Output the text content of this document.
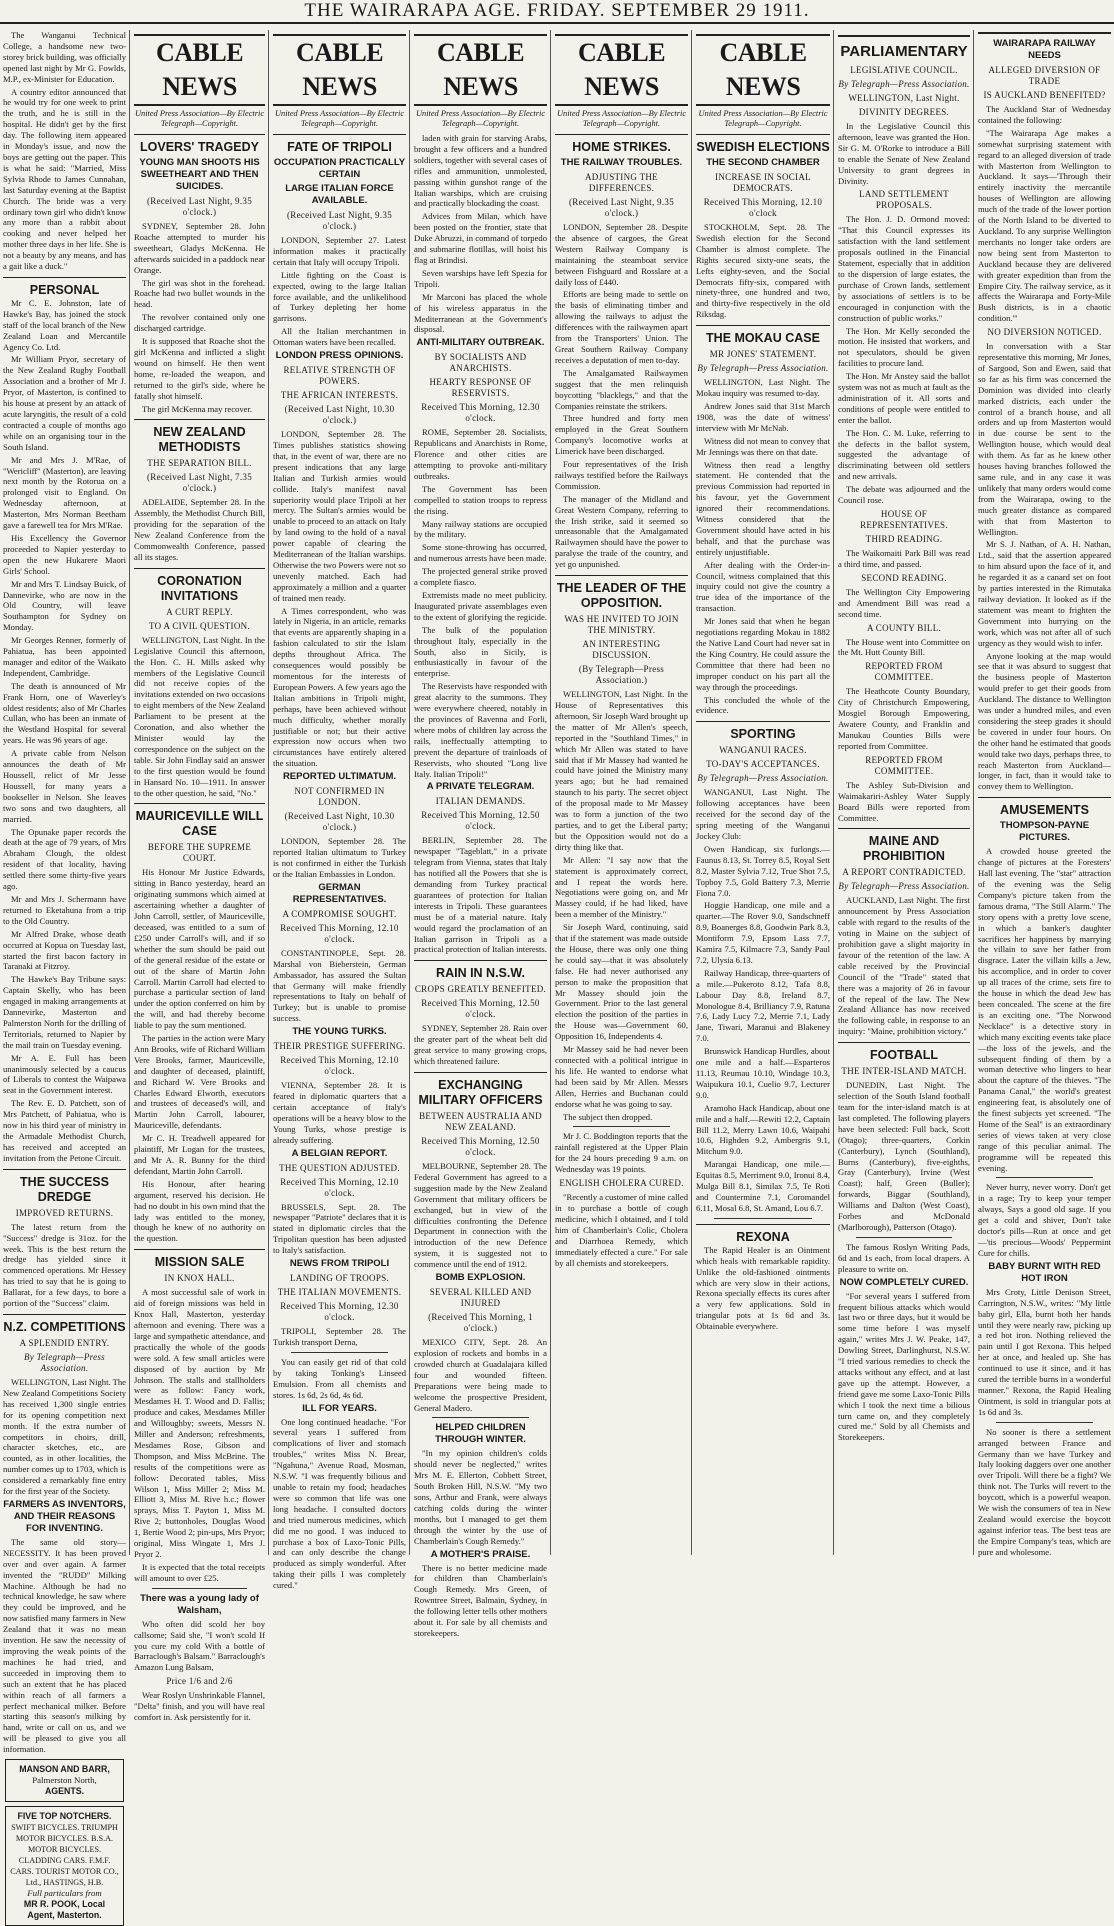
THE WAIRARAPA AGE. FRIDAY. SEPTEMBER 29 1911.

The Wanganui Technical College, a handsome new two-storey brick building, was officially opened last night by Mr G. Fowlds, M.P., ex-Minister for Education.

A country editor announced that he would try for one week to print the truth, and he is still in the hospital. He didn't get by the first day. The following item appeared in Monday's issue, and now the boys are getting out the paper. This is what he said: "Married, Miss Sylvia Rhode to James Cunnahan, last Saturday evening at the Baptist Church. The bride was a very ordinary town girl who didn't know any more than a rabbit about cooking and never helped her mother three days in her life. She is not a beauty by any means, and has a gait like a duck."

PERSONAL

Mr C. E. Johnston, late of Hawke's Bay, has joined the stock staff of the local branch of the New Zealand Loan and Mercantile Agency Co. Ltd.

Mr William Pryor, secretary of the New Zealand Rugby Football Association and a brother of Mr J. Pryor, of Masterton, is confined to his house at present by an attack of acute laryngitis, the result of a cold contracted a couple of months ago while on an organising tour in the South Island.

Mr and Mrs J. M'Rae, of "Wericliff" (Masterton), are leaving next month by the Rotorua on a prolonged visit to England. On Wednesday afternoon, at Masterton, Mrs Norman Beetham gave a farewell tea for Mrs M'Rae.

His Excellency the Governor proceeded to Napier yesterday to open the new Hukarere Maori Girls' School.

Mr and Mrs T. Lindsay Buick, of Dannevirke, who are now in the Old Country, will leave Southampton for Sydney on Monday.

Mr Georges Renner, formerly of Pahiatua, has been appointed manager and editor of the Waikato Independent, Cambridge.

The death is announced of Mr Frank Horn, one of Waverley's oldest residents; also of Mr Charles Cullan, who has been an inmate of the Westland Hospital for several years. He was 96 years of age.

A private cable from Nelson announces the death of Mr Houssell, relict of Mr Jesse Houssell, for many years a bookseller in Nelson. She leaves two sons and two daughters, all married.

The Opunake paper records the death at the age of 79 years, of Mrs Abraham Clough, the oldest resident of that locality, having settled there some thirty-five years ago.

Mr and Mrs J. Schermann have returned to Eketahuna from a trip to the Old Country.

Mr Alfred Drake, whose death occurred at Kopua on Tuesday last, started the first bacon factory in Taranaki at Fitzroy.

The Hawke's Bay Tribune says: Captain Skelly, who has been engaged in making arrangements at Dannevirke, Masterton and Palmerston North for the drilling of Territorials, returned to Napier by the mail train on Tuesday evening.

Mr A. E. Full has been unanimously selected by a caucus of Liberals to contest the Waipawa seat in the Government interest.

The Rev. E. D. Patchett, son of Mrs Patchett, of Pahiatua, who is now in his third year of ministry in the Armadale Methodist Church, has received and accepted an invitation from the Petone Circuit.

THE SUCCESS DREDGE
IMPROVED RETURNS.

The latest return from the "Success" dredge is 31oz. for the week. This is the best return the dredge has yielded since it commenced operations. Mr Hessey has tried to say that he is going to Ballarat, for a few days, to bore a portion of the "Success" claim.

N.Z. COMPETITIONS
A SPLENDID ENTRY.
By Telegraph—Press Association.

WELLINGTON, Last Night. The New Zealand Competitions Society has received 1,300 single entries for its opening competition next month. If the extra number of competitors in choirs, drill, character sketches, etc., are counted, as in other localities, the number comes up to 1703, which is considered a remarkably fine entry for the first year of the Society.

FARMERS AS INVENTORS, AND THEIR REASONS FOR INVENTING.

The same old story—NECESSITY. It has been proved over and over again. A farmer invented the "RUDD" Milking Machine. Although he had no technical knowledge, he saw where they could be improved, and he now satisfied many farmers in New Zealand that it was no mean invention. He saw the necessity of improving the weak points of the machines he had tried, and succeeded in improving them to such an extent that he has placed within reach of all farmers a perfect mechanical milker. Before starting this season's milking by hand, write or call on us, and we will be pleased to give you all information.

MANSON AND BARR,
Palmerston North,
AGENTS.
FIVE TOP NOTCHERS.
SWIFT BICYCLES. TRIUMPH MOTOR BICYCLES. B.S.A. MOTOR BICYCLES. CLADDING CARS. F.M.F. CARS. TOURIST MOTOR CO., Ltd., HASTINGS, H.B.
Full particulars from
MR R. POOK, Local Agent, Masterton.
CABLE NEWS
United Press Association—By Electric Telegraph—Copyright.
LOVERS' TRAGEDY
YOUNG MAN SHOOTS HIS SWEETHEART AND THEN SUICIDES.
(Received Last Night, 9.35 o'clock.)

SYDNEY, September 28. John Roache attempted to murder his sweetheart, Gladys McKenna. He afterwards suicided in a paddock near Orange.

The girl was shot in the forehead. Roache had two bullet wounds in the head.

The revolver contained only one discharged cartridge.

It is supposed that Roache shot the girl McKenna and inflicted a slight wound on himself. He then went home, re-loaded the weapon, and returned to the girl's side, where he fatally shot himself.

The girl McKenna may recover.

NEW ZEALAND METHODISTS
THE SEPARATION BILL.
(Received Last Night, 7.35 o'clock.)

ADELAIDE, September 28. In the Assembly, the Methodist Church Bill, providing for the separation of the New Zealand Conference from the Commonwealth Conference, passed all its stages.

CORONATION INVITATIONS
A CURT REPLY.
TO A CIVIL QUESTION.

WELLINGTON, Last Night. In the Legislative Council this afternoon, the Hon. C. H. Mills asked why members of the Legislative Council did not receive copies of the invitations extended on two occasions to eight members of the New Zealand Parliament to be present at the Coronation, and also whether the Minister would lay the correspondence on the subject on the table. Sir John Findlay said an answer to the first question would be found in Hansard No. 10—1911. In answer to the other question, he said, "No."

MAURICEVILLE WILL CASE
BEFORE THE SUPREME COURT.

His Honour Mr Justice Edwards, sitting in Banco yesterday, heard an originating summons which aimed at ascertaining whether a daughter of John Carroll, settler, of Mauriceville, deceased, was entitled to a sum of £250 under Carroll's will, and if so whether the sum should be paid out of the general residue of the estate or out of the share of Martin John Carroll. Martin Carroll had elected to purchase a particular section of land under the option conferred on him by the will, and had thereby become liable to pay the sum mentioned.

The parties in the action were Mary Ann Brooks, wife of Richard William Vere Brooks, farmer, Mauriceville, and daughter of deceased, plaintiff, and Richard W. Vere Brooks and Charles Edward Elworth, executors and trustees of deceased's will, and Martin John Carroll, labourer, Mauriceville, defendants.

Mr C. H. Treadwell appeared for plaintiff, Mr Logan for the trustees, and Mr A. R. Bunny for the third defendant, Martin John Carroll.

His Honour, after hearing argument, reserved his decision. He had no doubt in his own mind that the lady was entitled to the money, though he knew of no authority on the question.

MISSION SALE
IN KNOX HALL.

A most successful sale of work in aid of foreign missions was held in Knox Hall, Masterton, yesterday afternoon and evening. There was a large and sympathetic attendance, and practically the whole of the goods were sold. A few small articles were disposed of by auction by Mr Johnson. The stalls and stallholders were as follow: Fancy work, Mesdames H. T. Wood and D. Fallis; produce and cakes, Mesdames Miller and Willoughby; sweets, Messrs N. Miller and Anderson; refreshments, Mesdames Rose, Gibson and Thompson, and Miss McBrine. The results of the competitions were as follow: Decorated tables, Miss Wilson 1, Miss Miller 2; Miss M. Elliott 3, Miss M. Rive h.c.; flower sprays, Miss T. Payton 1, Miss M. Rive 2; buttonholes, Douglas Wood 1, Bertie Wood 2; pin-ups, Mrs Pryor; original, Miss Wingate 1, Mrs J. Pryor 2.

It is expected that the total receipts will amount to over £25.

There was a young lady of Walsham,

Who often did scold her boy callsome; Said she, "I won't scold If you cure my cold With a bottle of Barraclough's Balsam." Barraclough's Amazon Lung Balsam,

Price 1/6 and 2/6

Wear Roslyn Unshrinkable Flannel, "Delta" finish, and you will have real comfort in. Ask persistently for it.

CABLE NEWS
United Press Association—By Electric Telegraph—Copyright.
FATE OF TRIPOLI
OCCUPATION PRACTICALLY CERTAIN
LARGE ITALIAN FORCE AVAILABLE.
(Received Last Night, 9.35 o'clock.)

LONDON, September 27. Latest information makes it practically certain that Italy will occupy Tripoli.

Little fighting on the Coast is expected, owing to the large Italian force available, and the unlikelihood of Turkey depleting her home garrisons.

All the Italian merchantmen in Ottoman waters have been recalled.

LONDON PRESS OPINIONS.
RELATIVE STRENGTH OF POWERS.
THE AFRICAN INTERESTS.
(Received Last Night, 10.30 o'clock.)

LONDON, September 28. The Times publishes statistics showing that, in the event of war, there are no present indications that any large Italian and Turkish armies would collide. Italy's manifest naval superiority would place Tripoli at her mercy. The Sultan's armies would be unable to proceed to an attack on Italy by land owing to the hold of a naval power capable of clearing the Mediterranean of the Italian warships. Otherwise the two Powers were not so unevenly matched. Each had approximately a million and a quarter of trained men ready.

A Times correspondent, who was lately in Nigeria, in an article, remarks that events are apparently shaping in a fashion calculated to stir the Islam depths throughout Africa. The consequences would possibly be momentous for the interests of European Powers. A few years ago the Italian ambitions in Tripoli might, perhaps, have been achieved without much difficulty, whether morally justifiable or not; but their active expression now occurs when two circumstances have entirely altered the situation.

REPORTED ULTIMATUM.
NOT CONFIRMED IN LONDON.
(Received Last Night, 10.30 o'clock.)

LONDON, September 28. The reported Italian ultimatum to Turkey is not confirmed in either the Turkish or the Italian Embassies in London.

GERMAN REPRESENTATIVES.
A COMPROMISE SOUGHT.
Received This Morning, 12.10 o'clock.

CONSTANTINOPLE, Sept. 28. Marshal von Bieberstein, German Ambassador, has assured the Sultan that Germany will make friendly representations to Italy on behalf of Turkey; but is unable to promise success.

THE YOUNG TURKS.
THEIR PRESTIGE SUFFERING.
Received This Morning, 12.10 o'clock.

VIENNA, September 28. It is feared in diplomatic quarters that a certain acceptance of Italy's operations will be a heavy blow to the Young Turks, whose prestige is already suffering.

A BELGIAN REPORT.
THE QUESTION ADJUSTED.
Received This Morning, 12.10 o'clock.

BRUSSELS, Sept. 28. The newspaper "Patriote" declares that it is stated in diplomatic circles that the Tripolitan question has been adjusted to Italy's satisfaction.

NEWS FROM TRIPOLI
LANDING OF TROOPS.
THE ITALIAN MOVEMENTS.
Received This Morning, 12.30 o'clock.

TRIPOLI, September 28. The Turkish transport Derna,

You can easily get rid of that cold by taking Tonking's Linseed Emulsion. From all chemists and stores. 1s 6d, 2s 6d, 4s 6d.

ILL FOR YEARS.

One long continued headache. "For several years I suffered from complications of liver and stomach troubles," writes Miss N. Brear, "Ngahuna," Avenue Road, Mosman, N.S.W. "I was frequently bilious and unable to retain my food; headaches were so common that life was one long headache. I consulted doctors and tried numerous medicines, which did me no good. I was induced to purchase a box of Laxo-Tonic Pills, and can only describe the change produced as simply wonderful. After taking their pills I was completely cured."

CABLE NEWS
United Press Association—By Electric Telegraph—Copyright.

laden with grain for starving Arabs, brought a few officers and a hundred soldiers, together with several cases of rifles and ammunition, unmolested, passing within gunshot range of the Italian warships, which are cruising and practically blockading the coast.

Advices from Milan, which have been posted on the frontier, state that Duke Abruzzi, in command of torpedo and submarine flotillas, will hoist his flag at Brindisi.

Seven warships have left Spezia for Tripoli.

Mr Marconi has placed the whole of his wireless apparatus in the Mediterranean at the Government's disposal.

ANTI-MILITARY OUTBREAK.
BY SOCIALISTS AND ANARCHISTS.
HEARTY RESPONSE OF RESERVISTS.
Received This Morning, 12.30 o'clock.

ROME, September 28. Socialists, Republicans and Anarchists in Rome, Florence and other cities are attempting to provoke anti-military outbreaks.

The Government has been compelled to station troops to repress the rising.

Many railway stations are occupied by the military.

Some stone-throwing has occurred, and numerous arrests have been made.

The projected general strike proved a complete fiasco.

Extremists made no meet publicity. Inaugurated private assemblages even to the extent of glorifying the regicide.

The bulk of the population throughout Italy, especially in the South, also in Sicily, is enthusiastically in favour of the enterprise.

The Reservists have responded with great alacrity to the summons. They were everywhere cheered, notably in the provinces of Ravenna and Forli, where mobs of children lay across the rails, ineffectually attempting to prevent the departure of trainloads of Reservists, who shouted "Long live Italy. Italian Tripoli!"

A PRIVATE TELEGRAM.
ITALIAN DEMANDS.
Received This Morning, 12.50 o'clock.

BERLIN, September 28. The newspaper "Tageblatt," in a private telegram from Vienna, states that Italy has notified all the Powers that she is demanding from Turkey practical guarantees of protection for Italian interests in Tripoli. These guarantees must be of a material nature. Italy would regard the proclamation of an Italian garrison in Tripoli as a practical protection of Italian interests.

RAIN IN N.S.W.
CROPS GREATLY BENEFITED.
Received This Morning, 12.50 o'clock.

SYDNEY, September 28. Rain over the greater part of the wheat belt did great service to many growing crops, which threatened failure.

EXCHANGING MILITARY OFFICERS
BETWEEN AUSTRALIA AND NEW ZEALAND.
Received This Morning, 12.50 o'clock.

MELBOURNE, September 28. The Federal Government has agreed to a suggestion made by the New Zealand Government that military officers be exchanged, but in view of the difficulties confronting the Defence Department in connection with the introduction of the new Defence system, it is suggested not to commence until the end of 1912.

BOMB EXPLOSION.
SEVERAL KILLED AND INJURED
(Received This Morning, 1 o'clock.)

MEXICO CITY, Sept. 28. An explosion of rockets and bombs in a crowded church at Guadalajara killed four and wounded fifteen. Preparations were being made to welcome the prospective President, General Madero.

HELPED CHILDREN THROUGH WINTER.

"In my opinion children's colds should never be neglected," writes Mrs M. E. Ellerton, Cobbett Street, South Broken Hill, N.S.W. "My two sons, Arthur and Frank, were always catching colds during the winter months, but I managed to get them through the winter by the use of Chamberlain's Cough Remedy."

A MOTHER'S PRAISE.

There is no better medicine made for children than Chamberlain's Cough Remedy. Mrs Green, of Rowntree Street, Balmain, Sydney, in the following letter tells other mothers about it. For sale by all chemists and storekeepers.

CABLE NEWS
United Press Association—By Electric Telegraph—Copyright.
HOME STRIKES.
THE RAILWAY TROUBLES.
ADJUSTING THE DIFFERENCES.
(Received Last Night, 9.35 o'clock.)

LONDON, September 28. Despite the absence of cargoes, the Great Western Railway Company is maintaining the steamboat service between Fishguard and Rosslare at a daily loss of £440.

Efforts are being made to settle on the basis of eliminating timber and allowing the railways to adjust the differences with the railwaymen apart from the Transporters' Union. The Great Southern Railway Company receives a deputation of men to-day.

The Amalgamated Railwaymen suggest that the men relinquish boycotting "blacklegs," and that the Companies reinstate the strikers.

Three hundred and forty men employed in the Great Southern Company's locomotive works at Limerick have been discharged.

Four representatives of the Irish railways testified before the Railways Commission.

The manager of the Midland and Great Western Company, referring to the Irish strike, said it seemed so unreasonable that the Amalgamated Railwaymen should have the power to paralyse the trade of the country, and yet go unpunished.

THE LEADER OF THE OPPOSITION.
WAS HE INVITED TO JOIN THE MINISTRY.
AN INTERESTING DISCUSSION.
(By Telegraph—Press Association.)

WELLINGTON, Last Night. In the House of Representatives this afternoon, Sir Joseph Ward brought up the matter of Mr Allen's speech, reported in the "Southland Times," in which Mr Allen was stated to have said that if Mr Massey had wanted he could have joined the Ministry many years ago; but he had remained staunch to his party. The secret object of the proposal made to Mr Massey was to form a junction of the two parties, and to get the Liberal party; but the Opposition would not do a dirty thing like that.

Mr Allen: "I say now that the statement is approximately correct, and I repeat the words here. Negotiations were going on, and Mr Massey could, if he had liked, have been a member of the Ministry."

Sir Joseph Ward, continuing, said that if the statement was made outside the House, there was only one thing he could say—that it was absolutely false. He had never authorised any person to make the proposition that Mr Massey should join the Government. Prior to the last general election the position of the parties in the House was—Government 60, Opposition 16, Independents 4.

Mr Massey said he had never been connected with a political intrigue in his life. He wanted to endorse what had been said by Mr Allen. Messrs Allen, Herries and Buchanan could endorse what he was going to say.

The subject then dropped.

Mr J. C. Boddington reports that the rainfall registered at the Upper Plain for the 24 hours preceding 9 a.m. on Wednesday was 19 points.

ENGLISH CHOLERA CURED.

"Recently a customer of mine called in to purchase a bottle of cough medicine, which I obtained, and I told him of Chamberlain's Colic, Cholera and Diarrhoea Remedy, which immediately effected a cure." For sale by all chemists and storekeepers.

CABLE NEWS
United Press Association—By Electric Telegraph—Copyright.
SWEDISH ELECTIONS
THE SECOND CHAMBER
INCREASE IN SOCIAL DEMOCRATS.
Received This Morning, 12.10 o'clock

STOCKHOLM, Sept. 28. The Swedish election for the Second Chamber is almost complete. The Rights secured sixty-one seats, the Lefts eighty-seven, and the Social Democrats fifty-six, compared with ninety-three, one hundred and two, and thirty-five respectively in the old Riksdag.

THE MOKAU CASE
MR JONES' STATEMENT.
By Telegraph—Press Association.

WELLINGTON, Last Night. The Mokau inquiry was resumed to-day.

Andrew Jones said that 31st March 1908, was the date of witness' interview with Mr McNab.

Witness did not mean to convey that Mr Jennings was there on that date.

Witness then read a lengthy statement. He contended that the previous Commission had reported in his favour, yet the Government ignored their recommendations. Witness considered that the Government should have acted in his behalf, and that the purchase was entirely unjustifiable.

After dealing with the Order-in-Council, witness complained that this inquiry could not give the country a true idea of the importance of the transaction.

Mr Jones said that when he began negotiations regarding Mokau in 1882 the Native Land Court had never sat in the King Country. He could assure the Committee that there had been no improper conduct on his part all the way through the proceedings.

This concluded the whole of the evidence.

SPORTING
WANGANUI RACES.
TO-DAY'S ACCEPTANCES.
By Telegraph—Press Association.

WANGANUI, Last Night. The following acceptances have been received for the second day of the spring meeting of the Wanganui Jockey Club:

Owen Handicap, six furlongs.—Faunus 8.13, St. Torrey 8.5, Royal Sett 8.2, Master Sylvia 7.12, True Shot 7.5, Topboy 7.5, Gold Battery 7.3, Merrie Fiona 7.0.

Hoggie Handicap, one mile and a quarter.—The Rover 9.0, Sandschneff 8.9, Boanerges 8.8, Goodwin Park 8.3, Montiform 7.9, Epsom Lass 7.7, Kamira 7.5, Kilmacre 7.3, Sandy Paul 7.2, Ulysia 6.13.

Railway Handicap, three-quarters of a mile.—Pukeroto 8.12, Tafa 8.8, Labour Day 8.8, Ireland 8.7, Monologue 8.4, Brilliancy 7.9, Ratuna 7.6, Lady Lucy 7.2, Merrie 7.1, Lady Jane, Tiwari, Maranui and Blakeney 7.0.

Brunswick Handicap Hurdles, about one mile and a half.—Esparteros 11.13, Reumau 10.10, Windage 10.3, Waipukura 10.1, Cuelio 9.7, Lecturer 9.0.

Aramoho Hack Handicap, about one mile and a half.—Rewiti 12.2, Captain Bill 11.2, Merry Lawn 10.6, Waipahi 10.6, Highden 9.2, Ambergris 9.1, Mitchum 9.0.

Marangai Handicap, one mile.—Equitas 8.5, Merriment 9.0, Ironui 8.4, Mulga Bill 8.1, Similax 7.5, Te Roti and Countermine 7.1, Coromandel 6.11, Mosal 6.8, St. Amand, Lou 6.7.

REXONA

The Rapid Healer is an Ointment which heals with remarkable rapidity. Unlike the old-fashioned ointments which are very slow in their actions, Rexona specially effects its cures after a very few applications. Sold in triangular pots at 1s 6d and 3s. Obtainable everywhere.

PARLIAMENTARY
LEGISLATIVE COUNCIL.
By Telegraph—Press Association.
WELLINGTON, Last Night.
DIVINITY DEGREES.

In the Legislative Council this afternoon, leave was granted the Hon. Sir G. M. O'Rorke to introduce a Bill to enable the Senate of New Zealand University to grant degrees in Divinity.

LAND SETTLEMENT PROPOSALS.

The Hon. J. D. Ormond moved: "That this Council expresses its satisfaction with the land settlement proposals outlined in the Financial Statement, especially that in addition to the dispersion of large estates, the purchase of Crown lands, settlement by associations of settlers is to be encouraged in conjunction with the construction of public works."

The Hon. Mr Kelly seconded the motion. He insisted that workers, and not speculators, should be given facilities to procure land.

The Hon. Mr Anstey said the ballot system was not as much at fault as the administration of it. All sorts and conditions of people were entitled to enter the ballot.

The Hon. C. M. Luke, referring to the defects in the ballot system, suggested the advantage of discriminating between old settlers and new arrivals.

The debate was adjourned and the Council rose.

HOUSE OF REPRESENTATIVES.
THIRD READING.

The Waikomaiti Park Bill was read a third time, and passed.

SECOND READING.

The Wellington City Empowering and Amendment Bill was read a second time.

A COUNTY BILL.

The House went into Committee on the Mt. Hutt County Bill.

REPORTED FROM COMMITTEE.

The Heathcote County Boundary, City of Christchurch Empowering, Mosgiel Borough Empowering, Awatere County, and Franklin and Manukau Counties Bills were reported from Committee.

REPORTED FROM COMMITTEE.

The Ashley Sub-Division and Waimakariri-Ashley Water Supply Board Bills were reported from Committee.

MAINE AND PROHIBITION
A REPORT CONTRADICTED.
By Telegraph—Press Association.

AUCKLAND, Last Night. The first announcement by Press Association cable with regard to the results of the voting in Maine on the subject of prohibition gave a slight majority in favour of the retention of the law. A cable received by the Provincial Council of the "Trade" stated that there was a majority of 26 in favour of the repeal of the law. The New Zealand Alliance has now received the following cable, in response to an inquiry: "Maine, prohibition victory."

FOOTBALL
THE INTER-ISLAND MATCH.

DUNEDIN, Last Night. The selection of the South Island football team for the inter-island match is at last completed. The following players have been selected: Full back, Scott (Otago); three-quarters, Corkin (Canterbury), Lynch (Southland), Burns (Canterbury), five-eighths, Gray (Canterbury), Irvine (West Coast); half, Green (Buller); forwards, Biggar (Southland), Williams and Dalton (West Coast), Forbes and McDonald (Marlborough), Patterson (Otago).

The famous Roslyn Writing Pads, 6d and 1s each, from local drapers. A pleasure to write on.

NOW COMPLETELY CURED.

"For several years I suffered from frequent bilious attacks which would last two or three days, but it would be some time before I was myself again," writes Mrs J. W. Peake, 147, Dowling Street, Darlinghurst, N.S.W. "I tried various remedies to check the attacks without any effect, and at last gave up the attempt. However, a friend gave me some Laxo-Tonic Pills which I took the next time a bilious turn came on, and they completely cured me." Sold by all Chemists and Storekeepers.

WAIRARAPA RAILWAY NEEDS
ALLEGED DIVERSION OF TRADE
IS AUCKLAND BENEFITED?

The Auckland Star of Wednesday contained the following:

"The Wairarapa Age makes a somewhat surprising statement with regard to an alleged diversion of trade with Masterton from Wellington to Auckland. It says—'Through their entirely inactivity the mercantile houses of Wellington are allowing much of the trade of the lower portion of the North Island to be diverted to Auckland. To any surprise Wellington merchants no longer take orders are now being sent from Masterton to Auckland because they are delivered with greater expedition than from the Empire City. The railway service, as it affects the Wairarapa and Forty-Mile Bush districts, is in a chaotic condition.'"

NO DIVERSION NOTICED.

In conversation with a Star representative this morning, Mr Jones, of Sargood, Son and Ewen, said that so far as his firm was concerned the Dominion was divided into clearly marked districts, each under the control of a branch house, and all orders and up from Masterton would in due course be sent to the Wellington house, which would deal with them. As far as he knew other houses having branches followed the same rule, and in any case it was unlikely that many orders would come from the Wairarapa, owing to the much greater distance as compared with that from Masterton to Wellington.

Mr S. J. Nathan, of A. H. Nathan, Ltd., said that the assertion appeared to him absurd upon the face of it, and he regarded it as a canard set on foot by parties interested in the Rimutaka railway deviation. It looked as if the statement was meant to frighten the Government into hurrying on the work, which was not after all of such urgency as they would wish to infer.

Anyone looking at the map would see that it was absurd to suggest that the business people of Masterton would prefer to get their goods from Auckland. The distance to Wellington was under a hundred miles, and even considering the steep grades it should be covered in under four hours. On the other hand he estimated that goods would take two days, perhaps three, to reach Masterton from Auckland—longer, in fact, than it would take to convey them to Wellington.

AMUSEMENTS
THOMPSON-PAYNE PICTURES.

A crowded house greeted the change of pictures at the Foresters' Hall last evening. The "star" attraction of the evening was the Selig Company's picture taken from the famous drama, "The Still Alarm." The story opens with a pretty love scene, in which a banker's daughter sacrifices her happiness by marrying the villain to save her father from disgrace. Later the villain kills a Jew, his accomplice, and in order to cover up all traces of the crime, sets fire to the house in which the dead Jew has been concealed. The scene at the fire is an exciting one. "The Norwood Necklace" is a detective story in which many exciting events take place—the loss of the jewels, and the subsequent finding of them by a woman detective who lingers to hear about the capture of the thieves. "The Panama Canal," the world's greatest engineering feat, is absolutely one of the finest subjects yet screened. "The Home of the Seal" is an extraordinary series of views taken at very close range of this peculiar animal. The programme will be repeated this evening.

Never hurry, never worry. Don't get in a rage; Try to keep your temper always, Says a good old sage. If you get a cold and shiver, Don't take doctor's pills—Run at once and get—'tis precious—Woods' Peppermint Cure for chills.

BABY BURNT WITH RED HOT IRON

Mrs Croty, Little Denison Street, Carrington, N.S.W., writes: "My little baby girl, Ella, burnt both her hands until they were nearly raw, picking up a red hot iron. Nothing relieved the pain until I got Rexona. This helped her at once, and healed up. She has continued to use it since, and it has cured the terrible burns in a wonderful manner." Rexona, the Rapid Healing Ointment, is sold in triangular pots at 1s 6d and 3s.

No sooner is there a settlement arranged between France and Germany than we have Turkey and Italy looking daggers over one another over Tripoli. Will there be a fight? We think not. The Turks will revert to the boycott, which is a powerful weapon. We wish the consumers of tea in New Zealand would exercise the boycott against inferior teas. The best teas are the Empire Company's teas, which are pure and wholesome.
